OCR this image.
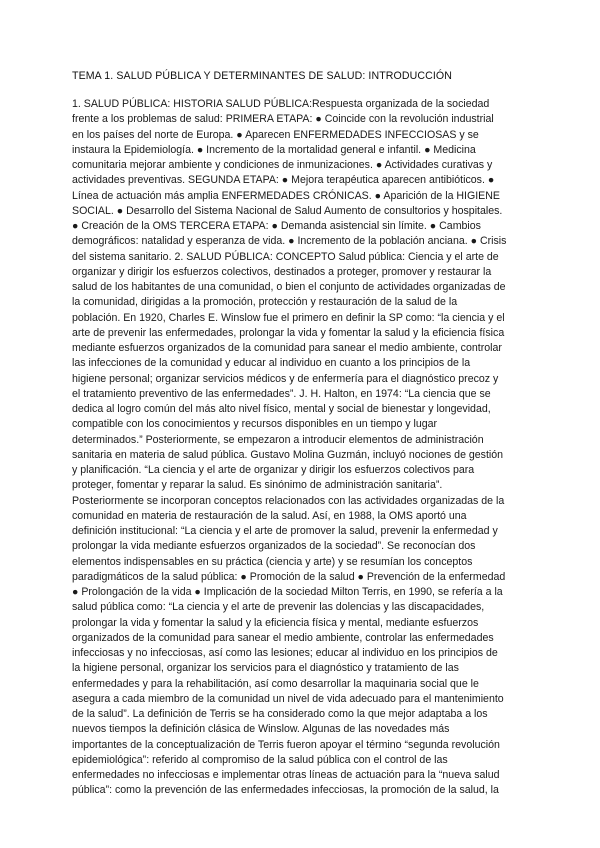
TEMA 1. SALUD PÚBLICA Y DETERMINANTES DE SALUD: INTRODUCCIÓN
1. SALUD PÚBLICA: HISTORIA SALUD PÚBLICA:Respuesta organizada de la sociedad
frente a los problemas de salud: PRIMERA ETAPA: ● Coincide con la revolución industrial
en los países del norte de Europa. ● Aparecen ENFERMEDADES INFECCIOSAS y se
instaura la Epidemiología. ● Incremento de la mortalidad general e infantil. ● Medicina
comunitaria mejorar ambiente y condiciones de inmunizaciones. ● Actividades curativas y
actividades preventivas. SEGUNDA ETAPA: ● Mejora terapéutica aparecen antibióticos. ●
Línea de actuación más amplia ENFERMEDADES CRÓNICAS. ● Aparición de la HIGIENE
SOCIAL. ● Desarrollo del Sistema Nacional de Salud Aumento de consultorios y hospitales.
● Creación de la OMS TERCERA ETAPA: ● Demanda asistencial sin límite. ● Cambios
demográficos: natalidad y esperanza de vida. ● Incremento de la población anciana. ● Crisis
del sistema sanitario. 2. SALUD PÚBLICA: CONCEPTO Salud pública: Ciencia y el arte de
organizar y dirigir los esfuerzos colectivos, destinados a proteger, promover y restaurar la
salud de los habitantes de una comunidad, o bien el conjunto de actividades organizadas de
la comunidad, dirigidas a la promoción, protección y restauración de la salud de la
población. En 1920, Charles E. Winslow fue el primero en definir la SP como: “la ciencia y el
arte de prevenir las enfermedades, prolongar la vida y fomentar la salud y la eficiencia física
mediante esfuerzos organizados de la comunidad para sanear el medio ambiente, controlar
las infecciones de la comunidad y educar al individuo en cuanto a los principios de la
higiene personal; organizar servicios médicos y de enfermería para el diagnóstico precoz y
el tratamiento preventivo de las enfermedades”. J. H. Halton, en 1974: “La ciencia que se
dedica al logro común del más alto nivel físico, mental y social de bienestar y longevidad,
compatible con los conocimientos y recursos disponibles en un tiempo y lugar
determinados.” Posteriormente, se empezaron a introducir elementos de administración
sanitaria en materia de salud pública. Gustavo Molina Guzmán, incluyó nociones de gestión
y planificación. “La ciencia y el arte de organizar y dirigir los esfuerzos colectivos para
proteger, fomentar y reparar la salud. Es sinónimo de administración sanitaria”.
Posteriormente se incorporan conceptos relacionados con las actividades organizadas de la
comunidad en materia de restauración de la salud. Así, en 1988, la OMS aportó una
definición institucional: “La ciencia y el arte de promover la salud, prevenir la enfermedad y
prolongar la vida mediante esfuerzos organizados de la sociedad”. Se reconocían dos
elementos indispensables en su práctica (ciencia y arte) y se resumían los conceptos
paradigmáticos de la salud pública: ● Promoción de la salud ● Prevención de la enfermedad
● Prolongación de la vida ● Implicación de la sociedad Milton Terris, en 1990, se refería a la
salud pública como: “La ciencia y el arte de prevenir las dolencias y las discapacidades,
prolongar la vida y fomentar la salud y la eficiencia física y mental, mediante esfuerzos
organizados de la comunidad para sanear el medio ambiente, controlar las enfermedades
infecciosas y no infecciosas, así como las lesiones; educar al individuo en los principios de
la higiene personal, organizar los servicios para el diagnóstico y tratamiento de las
enfermedades y para la rehabilitación, así como desarrollar la maquinaria social que le
asegura a cada miembro de la comunidad un nivel de vida adecuado para el mantenimiento
de la salud”. La definición de Terris se ha considerado como la que mejor adaptaba a los
nuevos tiempos la definición clásica de Winslow. Algunas de las novedades más
importantes de la conceptualización de Terris fueron apoyar el término “segunda revolución
epidemiológica”: referido al compromiso de la salud pública con el control de las
enfermedades no infecciosas e implementar otras líneas de actuación para la “nueva salud
pública”: como la prevención de las enfermedades infecciosas, la promoción de la salud, la
